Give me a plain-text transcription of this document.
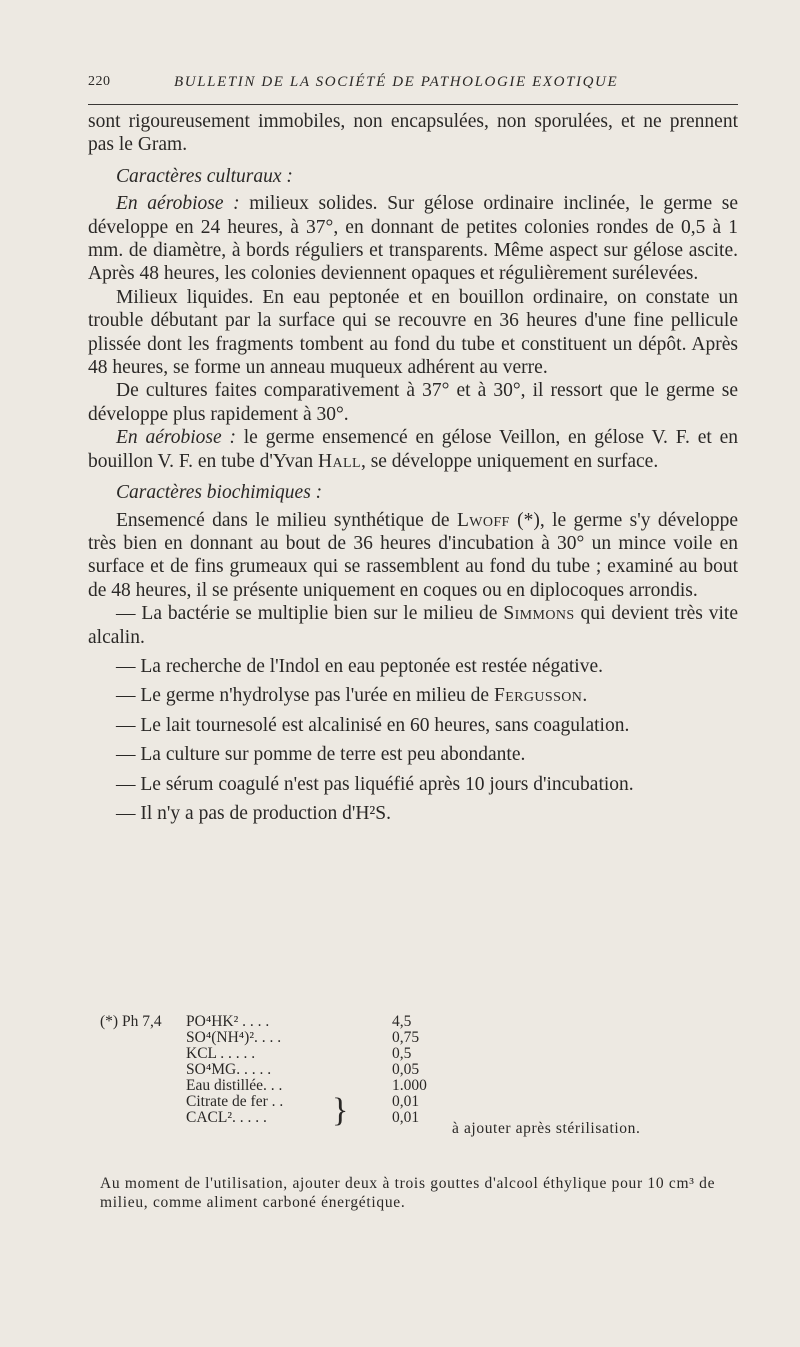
220	BULLETIN DE LA SOCIÉTÉ DE PATHOLOGIE EXOTIQUE

sont rigoureusement immobiles, non encapsulées, non sporulées, et ne prennent pas le Gram.

Caractères culturaux :

En aérobiose : milieux solides. Sur gélose ordinaire inclinée, le germe se développe en 24 heures, à 37°, en donnant de petites colonies rondes de 0,5 à 1 mm. de diamètre, à bords réguliers et transparents. Même aspect sur gélose ascite. Après 48 heures, les colonies deviennent opaques et régulièrement surélevées.

Milieux liquides. En eau peptonée et en bouillon ordinaire, on constate un trouble débutant par la surface qui se recouvre en 36 heures d'une fine pellicule plissée dont les fragments tombent au fond du tube et constituent un dépôt. Après 48 heures, se forme un anneau muqueux adhérent au verre.

De cultures faites comparativement à 37° et à 30°, il ressort que le germe se développe plus rapidement à 30°.

En aérobiose : le germe ensemencé en gélose Veillon, en gélose V. F. et en bouillon V. F. en tube d'Yvan Hall, se développe uniquement en surface.

Caractères biochimiques :

Ensemencé dans le milieu synthétique de Lwoff (*), le germe s'y développe très bien en donnant au bout de 36 heures d'incubation à 30° un mince voile en surface et de fins grumeaux qui se rassemblent au fond du tube ; examiné au bout de 48 heures, il se présente uniquement en coques ou en diplocoques arrondis.

— La bactérie se multiplie bien sur le milieu de Simmons qui devient très vite alcalin.

— La recherche de l'Indol en eau peptonée est restée négative.

— Le germe n'hydrolyse pas l'urée en milieu de Fergusson.

— Le lait tournesolé est alcalinisé en 60 heures, sans coagulation.

— La culture sur pomme de terre est peu abondante.

— Le sérum coagulé n'est pas liquéfié après 10 jours d'incubation.

— Il n'y a pas de production d'H²S.

(*) Ph 7,4 PO⁴HK² . . . .	4,5
SO⁴(NH⁴)². . . .	0,75
KCL . . . . .	0,5
SO⁴MG. . . . .	0,05
Eau distillée. . .	1.000
Citrate de fer . .	0,01
CACL². . . . .	0,01
}	à ajouter après stérilisation.

Au moment de l'utilisation, ajouter deux à trois gouttes d'alcool éthylique pour 10 cm³ de milieu, comme aliment carboné énergétique.
